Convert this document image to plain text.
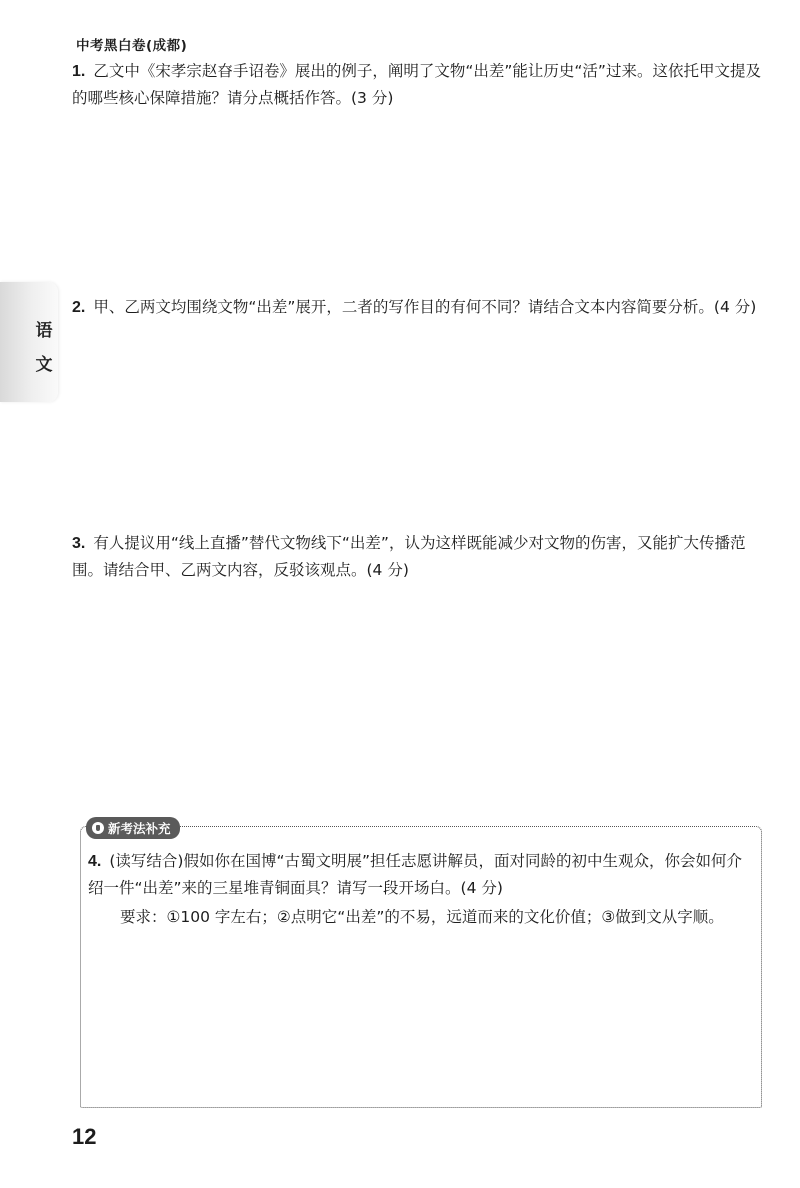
中考黑白卷(成都)
语
文
1. 乙文中《宋孝宗赵昚手诏卷》展出的例子，阐明了文物“出差”能让历史“活”过来。这依托甲文提及
的哪些核心保障措施？请分点概括作答。(3 分)
2. 甲、乙两文均围绕文物“出差”展开，二者的写作目的有何不同？请结合文本内容简要分析。(4 分)
3. 有人提议用“线上直播”替代文物线下“出差”，认为这样既能减少对文物的伤害，又能扩大传播范
围。请结合甲、乙两文内容，反驳该观点。(4 分)
新考法补充
4. (读写结合)假如你在国博“古蜀文明展”担任志愿讲解员，面对同龄的初中生观众，你会如何介
绍一件“出差”来的三星堆青铜面具？请写一段开场白。(4 分)
要求：①100 字左右；②点明它“出差”的不易，远道而来的文化价值；③做到文从字顺。
12
